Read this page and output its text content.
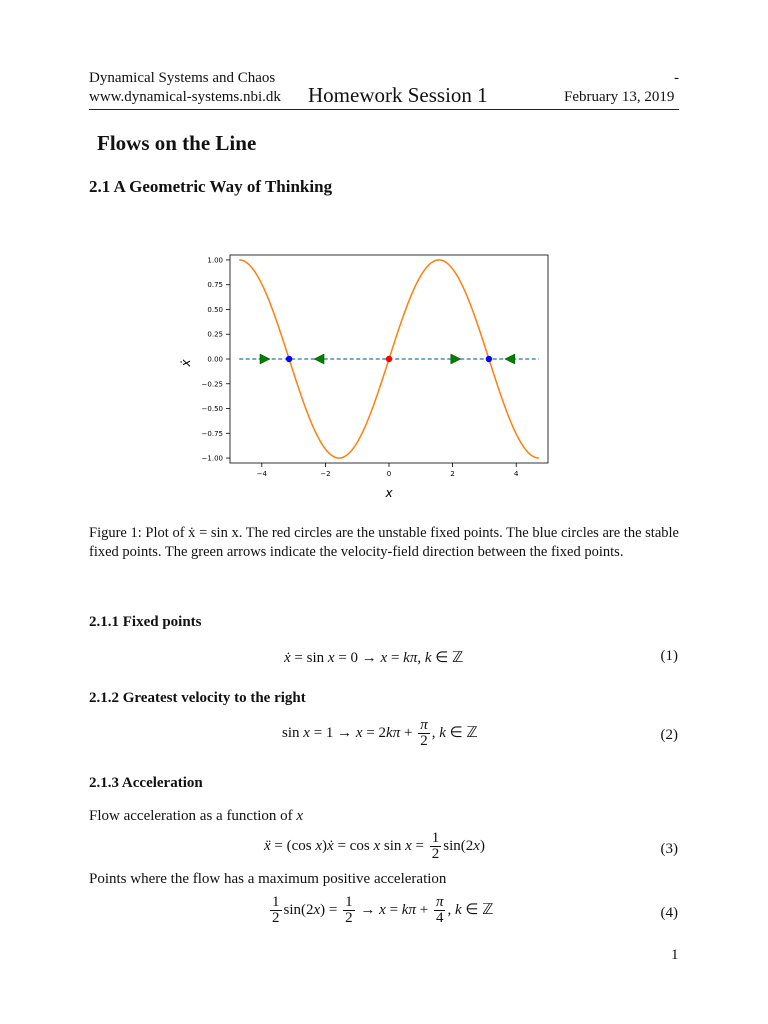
Dynamical Systems and Chaos
www.dynamical-systems.nbi.dk Homework Session 1
-
February 13, 2019
Flows on the Line
2.1 A Geometric Way of Thinking
1.00
0.75
0.50
0.25
0.00
−0.25
−0.50
−0.75
−1.00
−4	−2	0	2	4
x
ẋ
Figure 1: Plot of ẋ = sin x. The red circles are the unstable fixed points. The blue circles are the stable fixed points. The green arrows indicate the velocity-field direction between the fixed points.
2.1.1 Fixed points
ẋ = sin x = 0 → x = kπ, k ∈ ℤ	(1)
2.1.2 Greatest velocity to the right
$\sin x = 1 \to x = 2k\pi + \frac{\pi}{2}$ , k ∈ ℤ	(2)
2.1.3 Acceleration
Flow acceleration as a function of x
ẍ = (cos x)ẋ = cos x $\sin x = \frac{1}{2} \sin(2x)$	(3)
Points where the flow has a maximum positive acceleration
$\frac{1}{2} \sin(2x) = \frac{1}{2} \to x = k\pi + \frac{\pi}{4}$ , k ∈ ℤ	(4)
1
